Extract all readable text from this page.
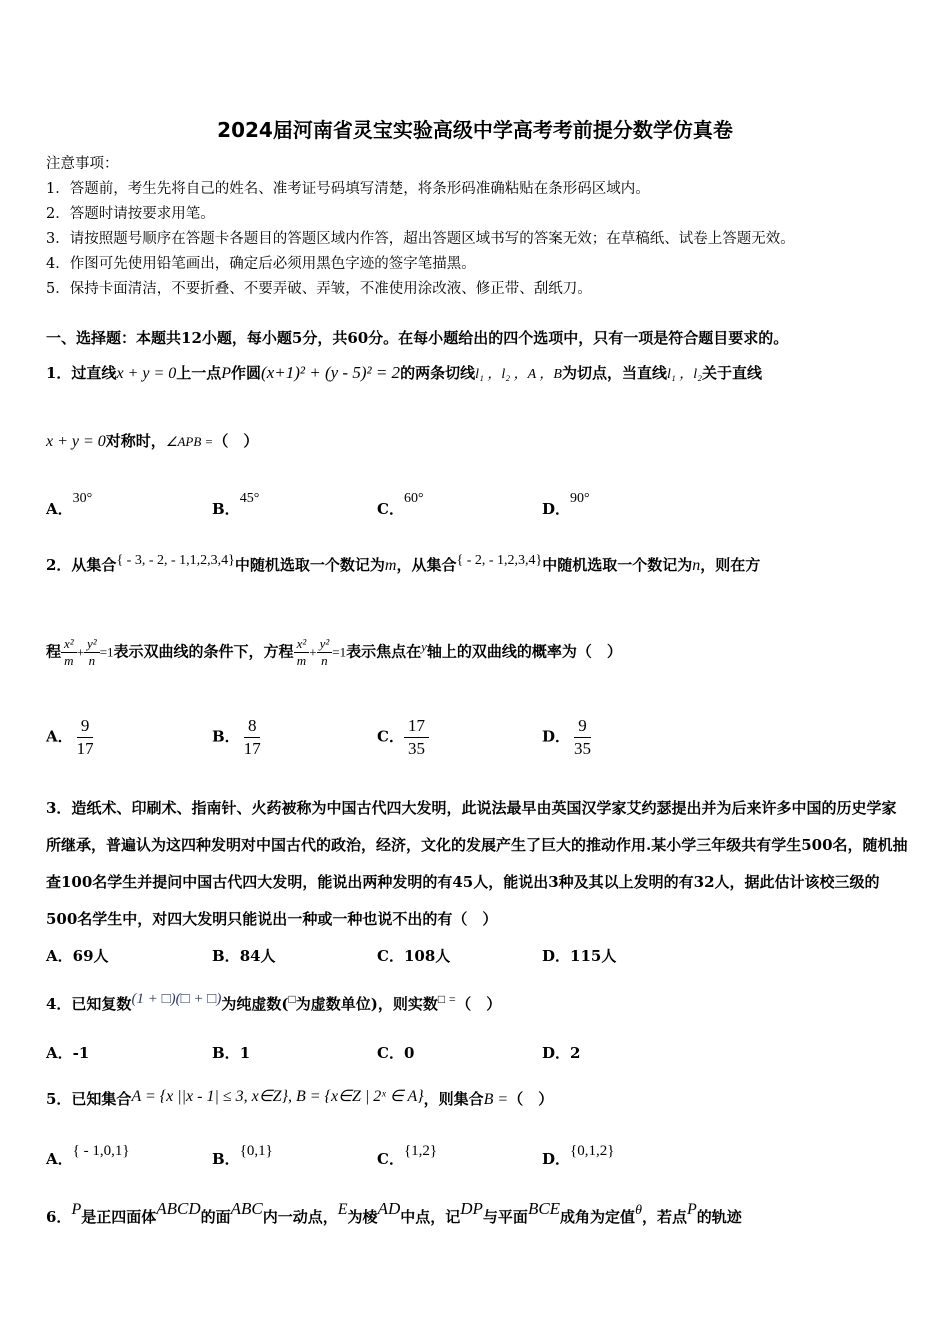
2024届河南省灵宝实验高级中学高考考前提分数学仿真卷
注意事项：
1．答题前，考生先将自己的姓名、准考证号码填写清楚，将条形码准确粘贴在条形码区域内。
2．答题时请按要求用笔。
3．请按照题号顺序在答题卡各题目的答题区域内作答，超出答题区域书写的答案无效；在草稿纸、试卷上答题无效。
4．作图可先使用铅笔画出，确定后必须用黑色字迹的签字笔描黑。
5．保持卡面清洁，不要折叠、不要弄破、弄皱，不准使用涂改液、修正带、刮纸刀。
一、选择题：本题共12小题，每小题5分，共60分。在每小题给出的四个选项中，只有一项是符合题目要求的。
1．过直线x + y = 0上一点P作圆(x+1)² + (y - 5)² = 2的两条切线l₁ ，l₂ ，A ，B为切点，当直线l₁ ，l₂关于直线
x + y = 0对称时，∠APB =（　）
A．30°
B．45°
C．60°
D．90°
2．从集合{ - 3, - 2, - 1,1,2,3,4}中随机选取一个数记为m，从集合{ - 2, - 1,2,3,4}中随机选取一个数记为n，则在方
程 $\frac{\text{x²}}{m} + \frac{\text{y²}}{n} =1$表示双曲线的条件下，方程 $\frac{\text{x²}}{m} + \frac{\text{y²}}{n} =1$表示焦点在y轴上的双曲线的概率为（　）
A． $\frac{9}{17}$	B． $\frac{8}{17}$	C． $\frac{17}{35}$	D． $\frac{9}{35}$
3．造纸术、印刷术、指南针、火药被称为中国古代四大发明，此说法最早由英国汉学家艾约瑟提出并为后来许多中国的历史学家所继承，普遍认为这四种发明对中国古代的政治，经济，文化的发展产生了巨大的推动作用.某小学三年级共有学生500名，随机抽查100名学生并提问中国古代四大发明，能说出两种发明的有45人，能说出3种及其以上发明的有32人，据此估计该校三级的500名学生中，对四大发明只能说出一种或一种也说不出的有（　）
A．69人	B．84人	C．108人	D．115人
4．已知复数(1 + □)(□ + □)为纯虚数(□为虚数单位)，则实数□ =（　）
A．-1	B．1	C．0	D．2
5．已知集合A = {x ||x - 1| ≤ 3, x∈Z}, B = {x∈Z | 2ˣ ∈ A}，则集合B =（　）
A．{ - 1,0,1}	B．{0,1}	C．{1,2}	D．{0,1,2}
6．P是正四面体ABCD的面ABC内一动点，E为棱AD中点，记DP与平面BCE成角为定值θ，若点P的轨迹
